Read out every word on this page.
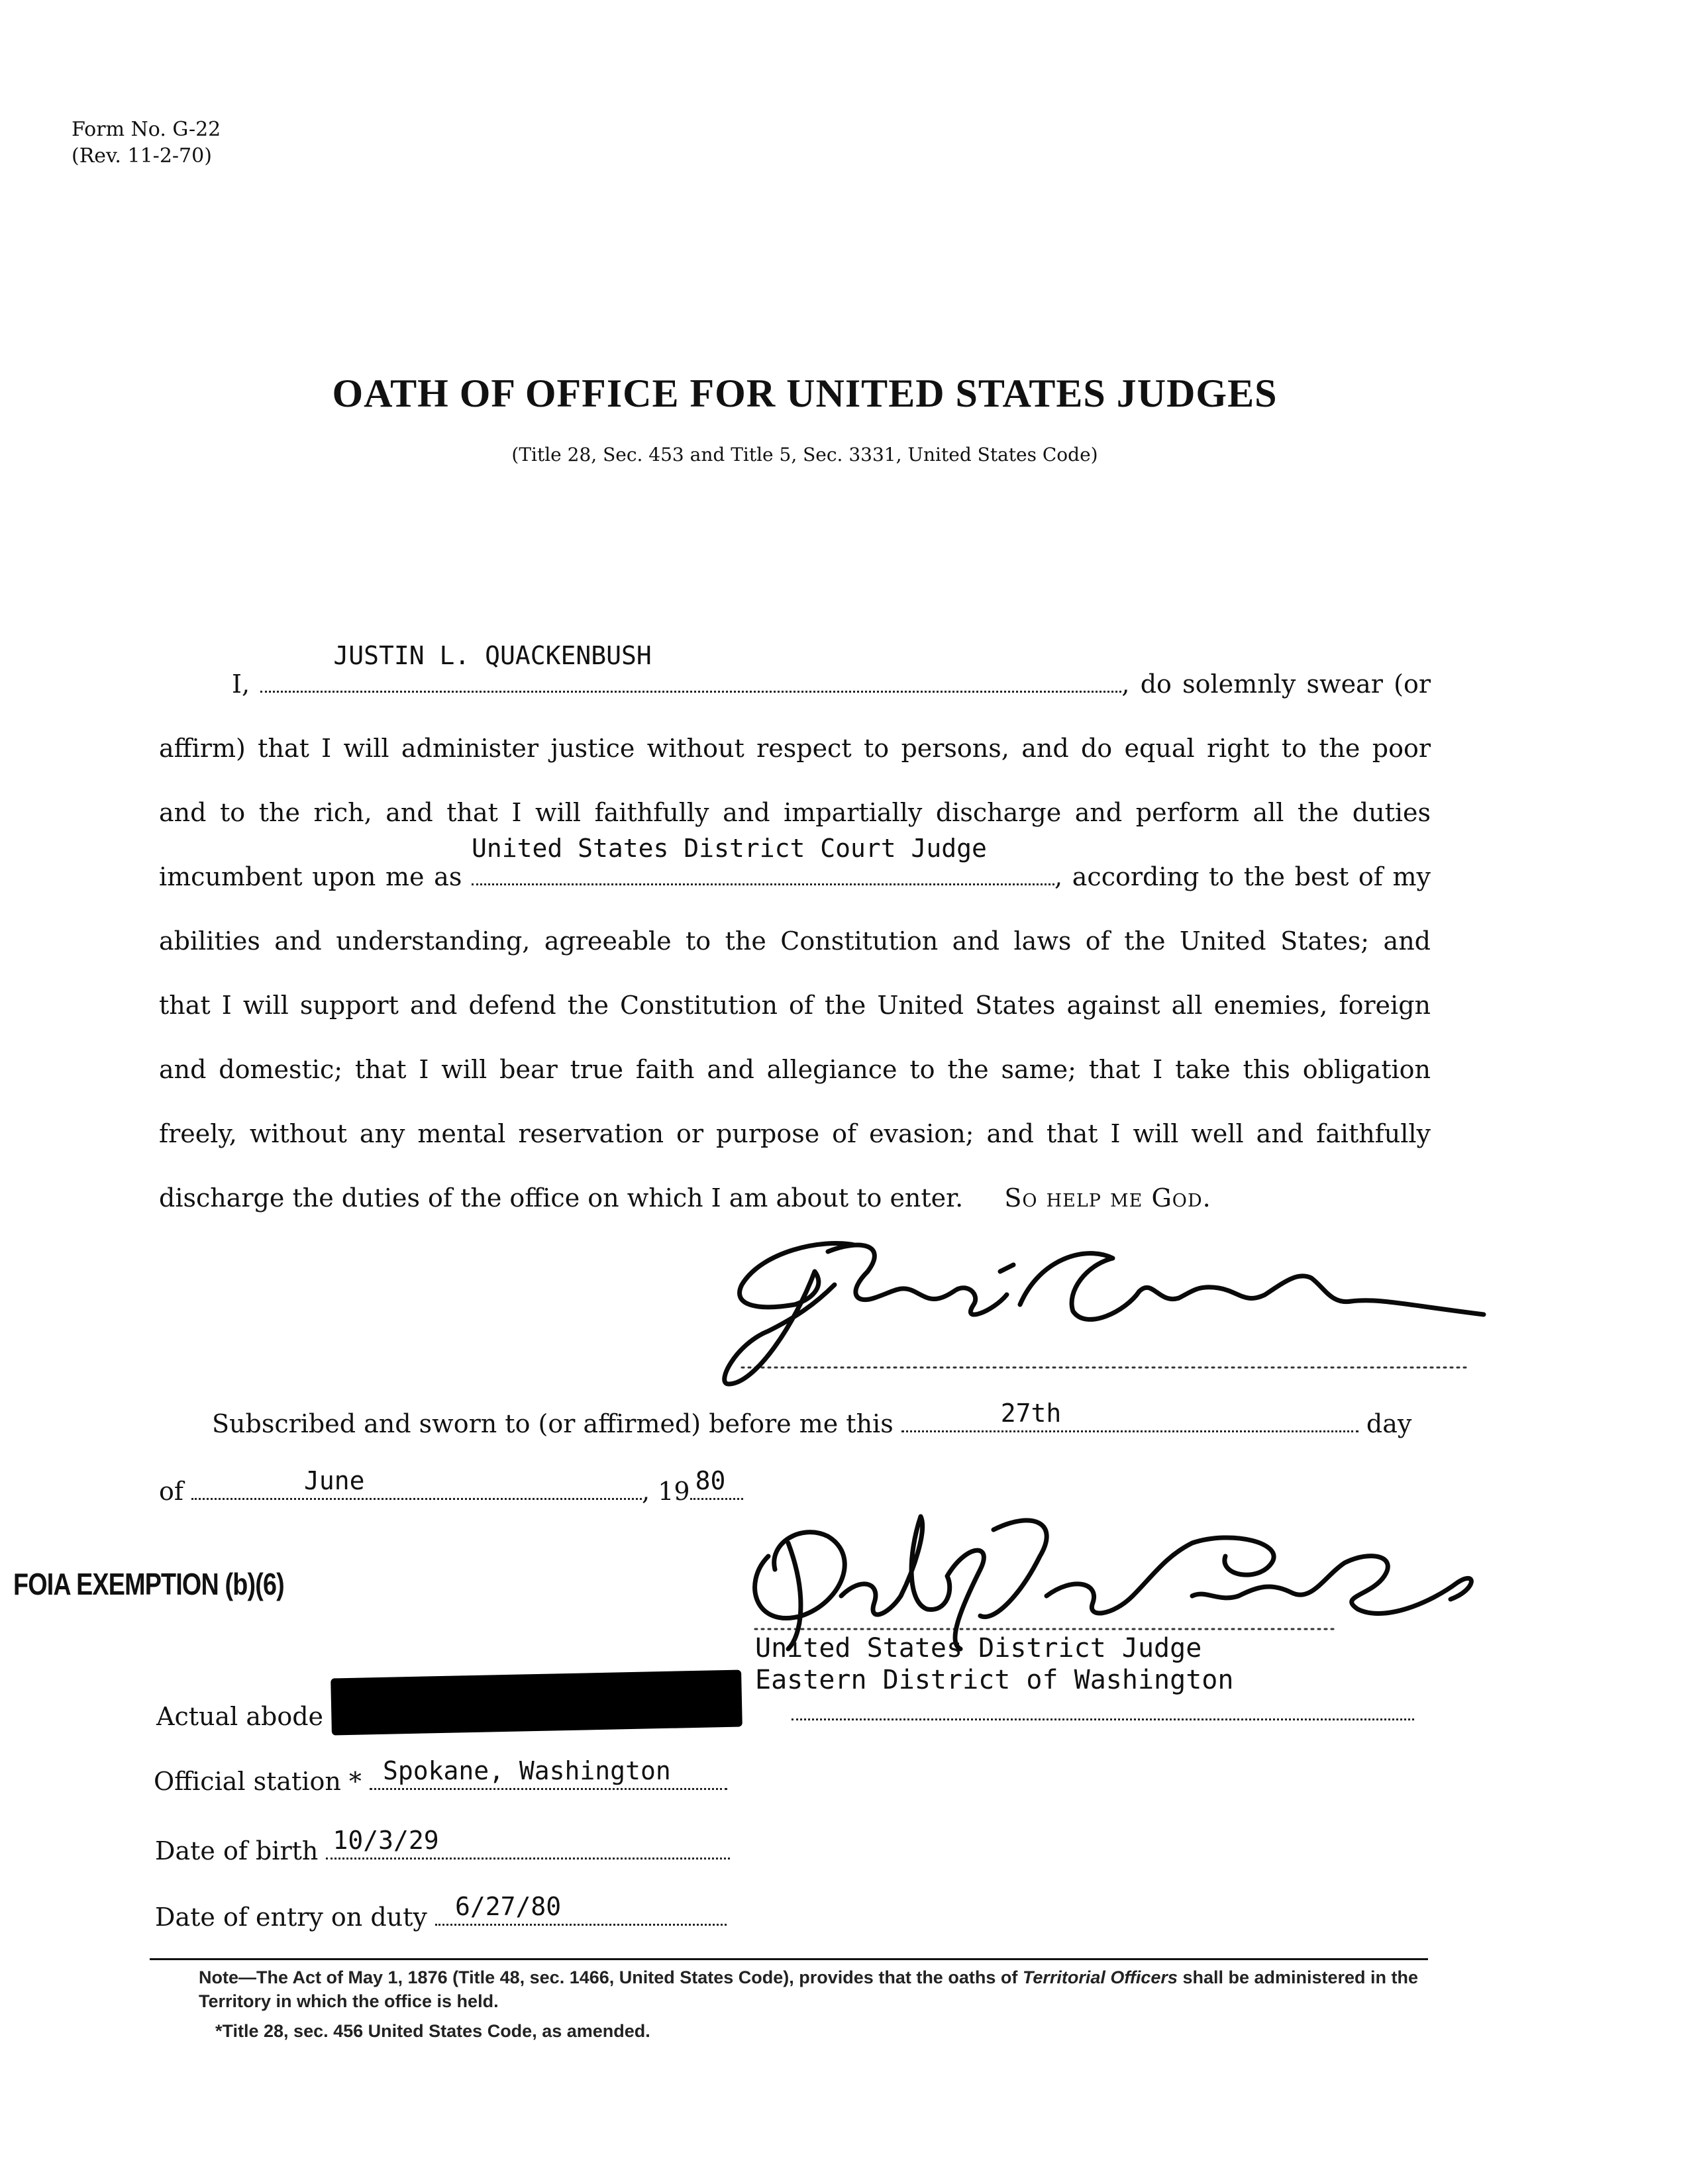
Form No. G-22
(Rev. 11-2-70)
OATH OF OFFICE FOR UNITED STATES JUDGES
(Title 28, Sec. 453 and Title 5, Sec. 3331, United States Code)
I,
JUSTIN L. QUACKENBUSH
, do solemnly swear (or
affirm) that I will administer justice without respect to persons, and do equal right to the poor
and to the rich, and that I will faithfully and impartially discharge and perform all the duties
imcumbent upon me as
United States District Court Judge
, according to the best of my
abilities and understanding, agreeable to the Constitution and laws of the United States; and
that I will support and defend the Constitution of the United States against all enemies, foreign
and domestic; that I will bear true faith and allegiance to the same; that I take this obligation
freely, without any mental reservation or purpose of evasion; and that I will well and faithfully
discharge the duties of the office on which I am about to enter. So help me God.
Subscribed and sworn to (or affirmed) before me this	27th	day
of	June	, 19 80
FOIA EXEMPTION (b)(6)
United States District Judge
Eastern District of Washington
Actual abode
Official station * Spokane, Washington
Date of birth 10/3/29
Date of entry on duty 6/27/80
Note—The Act of May 1, 1876 (Title 48, sec. 1466, United States Code), provides that the oaths of Territorial Officers shall be administered in the Territory in which the office is held.
*Title 28, sec. 456 United States Code, as amended.
